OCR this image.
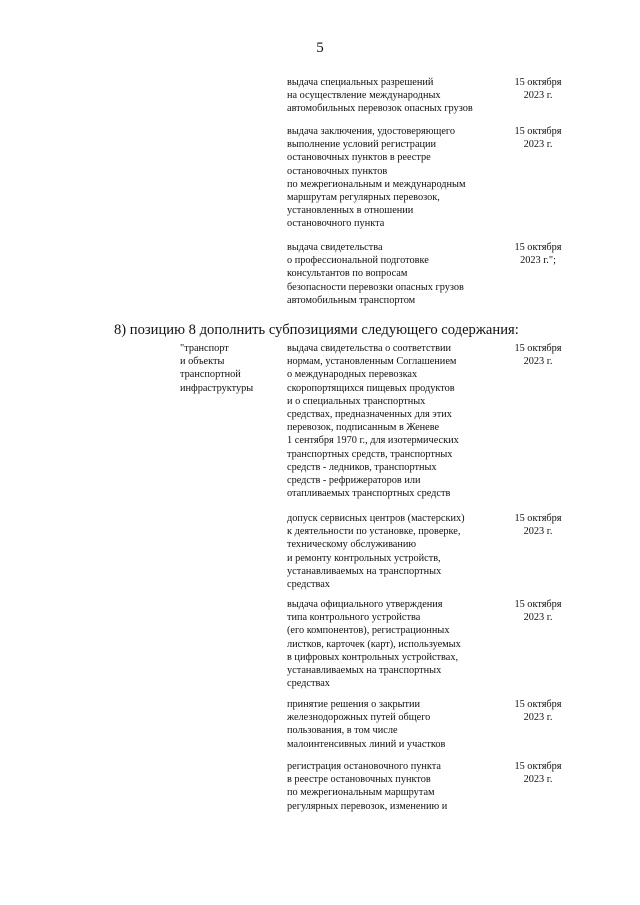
5
выдача специальных разрешений
на осуществление международных
автомобильных перевозок опасных грузов
15 октября
2023 г.
выдача заключения, удостоверяющего
выполнение условий регистрации
остановочных пунктов в реестре
остановочных пунктов
по межрегиональным и международным
маршрутам регулярных перевозок,
установленных в отношении
остановочного пункта
15 октября
2023 г.
выдача свидетельства
о профессиональной подготовке
консультантов по вопросам
безопасности перевозки опасных грузов
автомобильным транспортом
15 октября
2023 г.";
8) позицию 8 дополнить субпозициями следующего содержания:
"транспорт
и объекты
транспортной
инфраструктуры
выдача свидетельства о соответствии
нормам, установленным Соглашением
о международных перевозках
скоропортящихся пищевых продуктов
и о специальных транспортных
средствах, предназначенных для этих
перевозок, подписанным в Женеве
1 сентября 1970 г., для изотермических
транспортных средств, транспортных
средств - ледников, транспортных
средств - рефрижераторов или
отапливаемых транспортных средств
15 октября
2023 г.
допуск сервисных центров (мастерских)
к деятельности по установке, проверке,
техническому обслуживанию
и ремонту контрольных устройств,
устанавливаемых на транспортных
средствах
15 октября
2023 г.
выдача официального утверждения
типа контрольного устройства
(его компонентов), регистрационных
листков, карточек (карт), используемых
в цифровых контрольных устройствах,
устанавливаемых на транспортных
средствах
15 октября
2023 г.
принятие решения о закрытии
железнодорожных путей общего
пользования, в том числе
малоинтенсивных линий и участков
15 октября
2023 г.
регистрация остановочного пункта
в реестре остановочных пунктов
по межрегиональным маршрутам
регулярных перевозок, изменению и
15 октября
2023 г.
